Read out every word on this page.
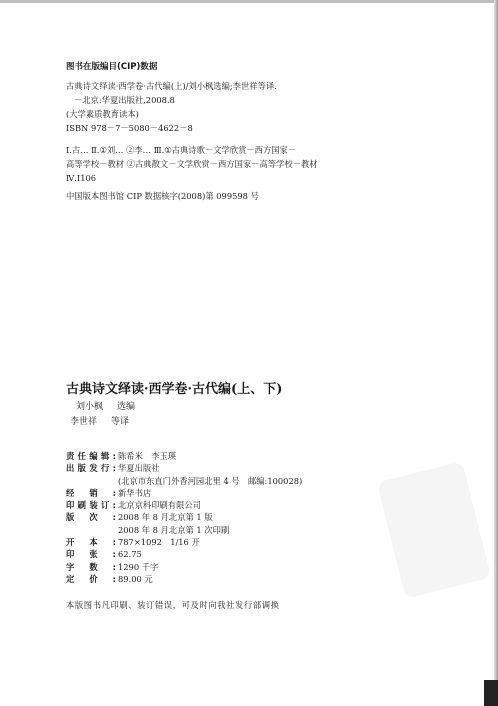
图书在版编目(CIP)数据
古典诗文绎读·西学卷·古代编(上)/刘小枫选编;李世祥等译.
－北京:华夏出版社,2008.8
(大学素质教育读本)
ISBN 978－7－5080－4622－8
Ⅰ.古… Ⅱ.①刘… ②李… Ⅲ.①古典诗歌－文学欣赏－西方国家－
高等学校－教材 ②古典散文－文学欣赏－西方国家－高等学校－教材
Ⅳ.I106
中国版本图书馆 CIP 数据核字(2008)第 099598 号
古典诗文绎读·西学卷·古代编(上、下)
刘小枫 选编
李世祥 等译
责 任 编 辑 : 陈希米　李玉瑛
出 版 发 行 : 华夏出版社
(北京市东直门外香河园北里 4 号　邮编:100028)
经 销 : 新华书店
印 刷 装 订 : 北京京科印刷有限公司
版 次 : 2008 年 8 月北京第 1 版
2008 年 8 月北京第 1 次印刷
开 本 : 787×1092　1/16 开
印 张 : 62.75
字 数 : 1290 千字
定 价 : 89.00 元
本版图书凡印刷、装订错误，可及时向我社发行部调换
